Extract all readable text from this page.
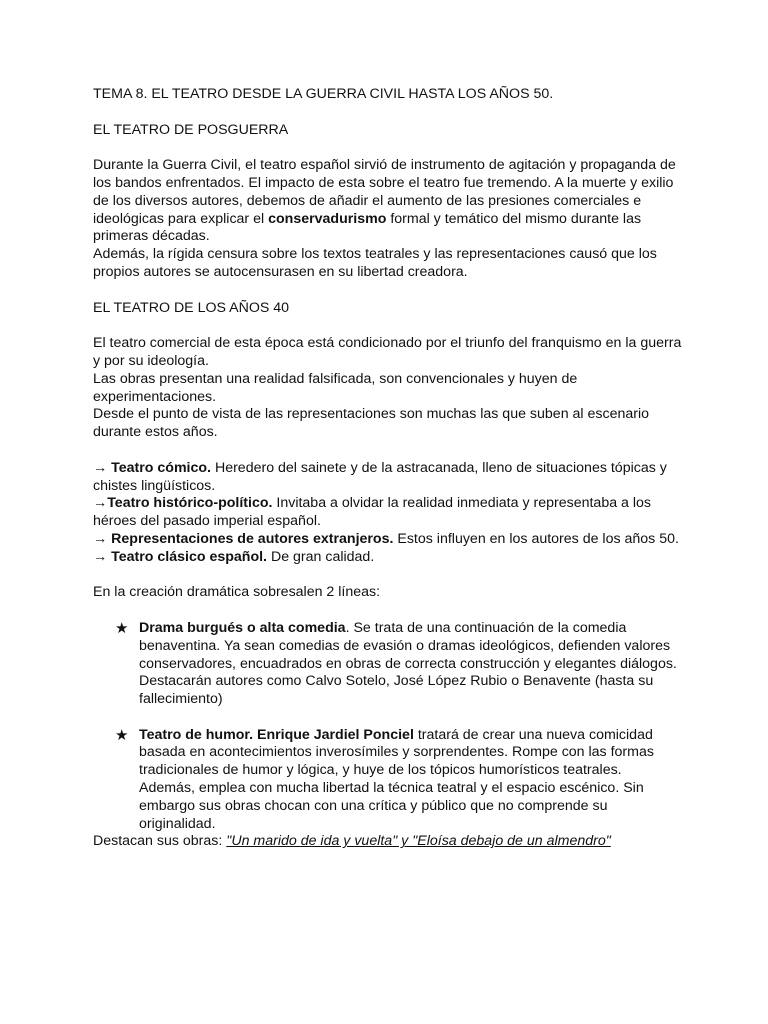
TEMA 8. EL TEATRO DESDE LA GUERRA CIVIL HASTA LOS AÑOS 50.

EL TEATRO DE POSGUERRA

Durante la Guerra Civil, el teatro español sirvió de instrumento de agitación y propaganda de los bandos enfrentados. El impacto de esta sobre el teatro fue tremendo. A la muerte y exilio de los diversos autores, debemos de añadir el aumento de las presiones comerciales e ideológicas para explicar el conservadurismo formal y temático del mismo durante las primeras décadas.

Además, la rígida censura sobre los textos teatrales y las representaciones causó que los propios autores se autocensurasen en su libertad creadora.

EL TEATRO DE LOS AÑOS 40

El teatro comercial de esta época está condicionado por el triunfo del franquismo en la guerra y por su ideología.

Las obras presentan una realidad falsificada, son convencionales y huyen de experimentaciones.

Desde el punto de vista de las representaciones son muchas las que suben al escenario durante estos años.

→ Teatro cómico. Heredero del sainete y de la astracanada, lleno de situaciones tópicas y chistes lingüísticos.

→Teatro histórico-político. Invitaba a olvidar la realidad inmediata y representaba a los héroes del pasado imperial español.

→ Representaciones de autores extranjeros. Estos influyen en los autores de los años 50.

→ Teatro clásico español. De gran calidad.

En la creación dramática sobresalen 2 líneas:

★ Drama burgués o alta comedia. Se trata de una continuación de la comedia benaventina. Ya sean comedias de evasión o dramas ideológicos, defienden valores conservadores, encuadrados en obras de correcta construcción y elegantes diálogos. Destacarán autores como Calvo Sotelo, José López Rubio o Benavente (hasta su fallecimiento)
★ Teatro de humor. Enrique Jardiel Ponciel tratará de crear una nueva comicidad basada en acontecimientos inverosímiles y sorprendentes. Rompe con las formas tradicionales de humor y lógica, y huye de los tópicos humorísticos teatrales. Además, emplea con mucha libertad la técnica teatral y el espacio escénico. Sin embargo sus obras chocan con una crítica y público que no comprende su originalidad.

Destacan sus obras: "Un marido de ida y vuelta" y "Eloísa debajo de un almendro"
